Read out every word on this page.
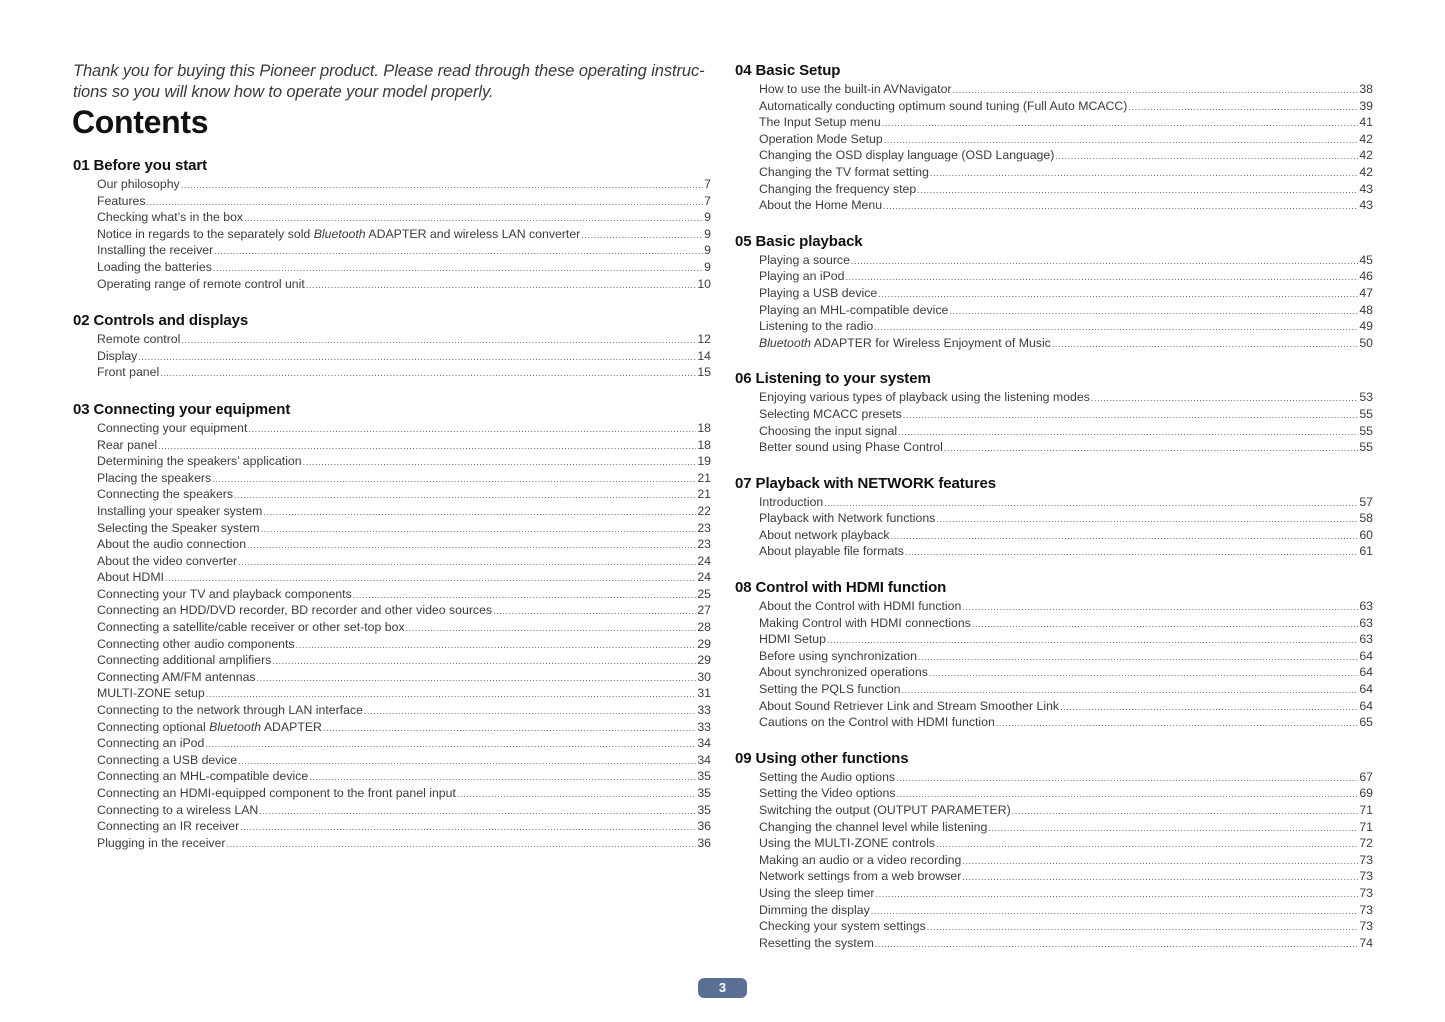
Thank you for buying this Pioneer product. Please read through these operating instruc-tions so you will know how to operate your model properly.
Contents
01 Before you start
Our philosophy .....	7
Features .....	7
Checking what’s in the box .....	9
Notice in regards to the separately sold Bluetooth ADAPTER and wireless LAN converter .....	9
Installing the receiver .....	9
Loading the batteries .....	9
Operating range of remote control unit .....	10
02 Controls and displays
Remote control .....	12
Display .....	14
Front panel .....	15
03 Connecting your equipment
Connecting your equipment .....	18
Rear panel .....	18
Determining the speakers’ application .....	19
Placing the speakers .....	21
Connecting the speakers .....	21
Installing your speaker system .....	22
Selecting the Speaker system .....	23
About the audio connection .....	23
About the video converter .....	24
About HDMI .....	24
Connecting your TV and playback components .....	25
Connecting an HDD/DVD recorder, BD recorder and other video sources .....	27
Connecting a satellite/cable receiver or other set-top box .....	28
Connecting other audio components .....	29
Connecting additional amplifiers .....	29
Connecting AM/FM antennas .....	30
MULTI-ZONE setup .....	31
Connecting to the network through LAN interface .....	33
Connecting optional Bluetooth ADAPTER .....	33
Connecting an iPod .....	34
Connecting a USB device .....	34
Connecting an MHL-compatible device .....	35
Connecting an HDMI-equipped component to the front panel input .....	35
Connecting to a wireless LAN .....	35
Connecting an IR receiver .....	36
Plugging in the receiver .....	36
04 Basic Setup
How to use the built-in AVNavigator .....	38
Automatically conducting optimum sound tuning (Full Auto MCACC) .....	39
The Input Setup menu .....	41
Operation Mode Setup .....	42
Changing the OSD display language (OSD Language) .....	42
Changing the TV format setting .....	42
Changing the frequency step .....	43
About the Home Menu .....	43
05 Basic playback
Playing a source .....	45
Playing an iPod .....	46
Playing a USB device .....	47
Playing an MHL-compatible device .....	48
Listening to the radio .....	49
Bluetooth ADAPTER for Wireless Enjoyment of Music .....	50
06 Listening to your system
Enjoying various types of playback using the listening modes .....	53
Selecting MCACC presets .....	55
Choosing the input signal .....	55
Better sound using Phase Control .....	55
07 Playback with NETWORK features
Introduction .....	57
Playback with Network functions .....	58
About network playback .....	60
About playable file formats .....	61
08 Control with HDMI function
About the Control with HDMI function .....	63
Making Control with HDMI connections .....	63
HDMI Setup .....	63
Before using synchronization .....	64
About synchronized operations .....	64
Setting the PQLS function .....	64
About Sound Retriever Link and Stream Smoother Link .....	64
Cautions on the Control with HDMI function .....	65
09 Using other functions
Setting the Audio options .....	67
Setting the Video options .....	69
Switching the output (OUTPUT PARAMETER) .....	71
Changing the channel level while listening .....	71
Using the MULTI-ZONE controls .....	72
Making an audio or a video recording .....	73
Network settings from a web browser .....	73
Using the sleep timer .....	73
Dimming the display .....	73
Checking your system settings .....	73
Resetting the system .....	74
3
